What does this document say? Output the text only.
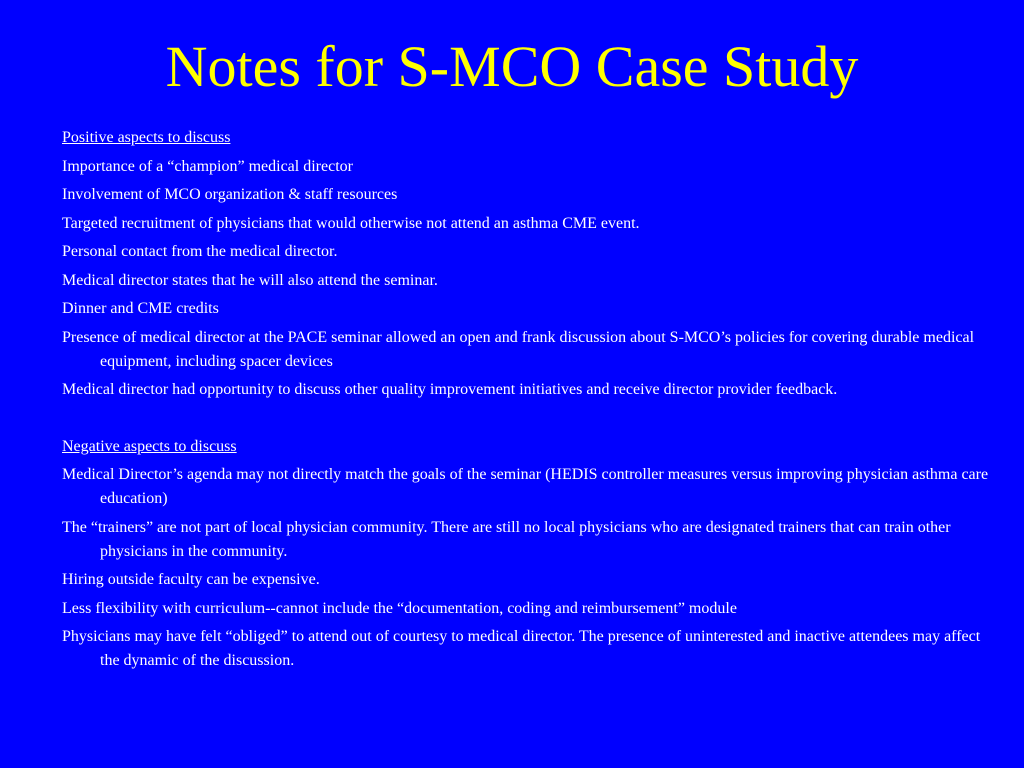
Notes for S-MCO Case Study
Positive aspects to discuss
Importance of a “champion” medical director
Involvement of MCO organization & staff resources
Targeted recruitment of physicians that would otherwise not attend an asthma CME event.
Personal contact from the medical director.
Medical director states that he will also attend the seminar.
Dinner and CME credits
Presence of medical director at the PACE seminar allowed an open and frank discussion about S-MCO’s policies for covering durable medical equipment, including spacer devices
Medical director had opportunity to discuss other quality improvement initiatives and receive director provider feedback.
Negative aspects to discuss
Medical Director’s agenda may not directly match the goals of the seminar (HEDIS controller measures versus improving physician asthma care education)
The “trainers” are not part of local physician community. There are still no local physicians who are designated trainers that can train other physicians in the community.
Hiring outside faculty can be expensive.
Less flexibility with curriculum--cannot include the “documentation, coding and reimbursement” module
Physicians may have felt “obliged” to attend out of courtesy to medical director. The presence of uninterested and inactive attendees may affect the dynamic of the discussion.
